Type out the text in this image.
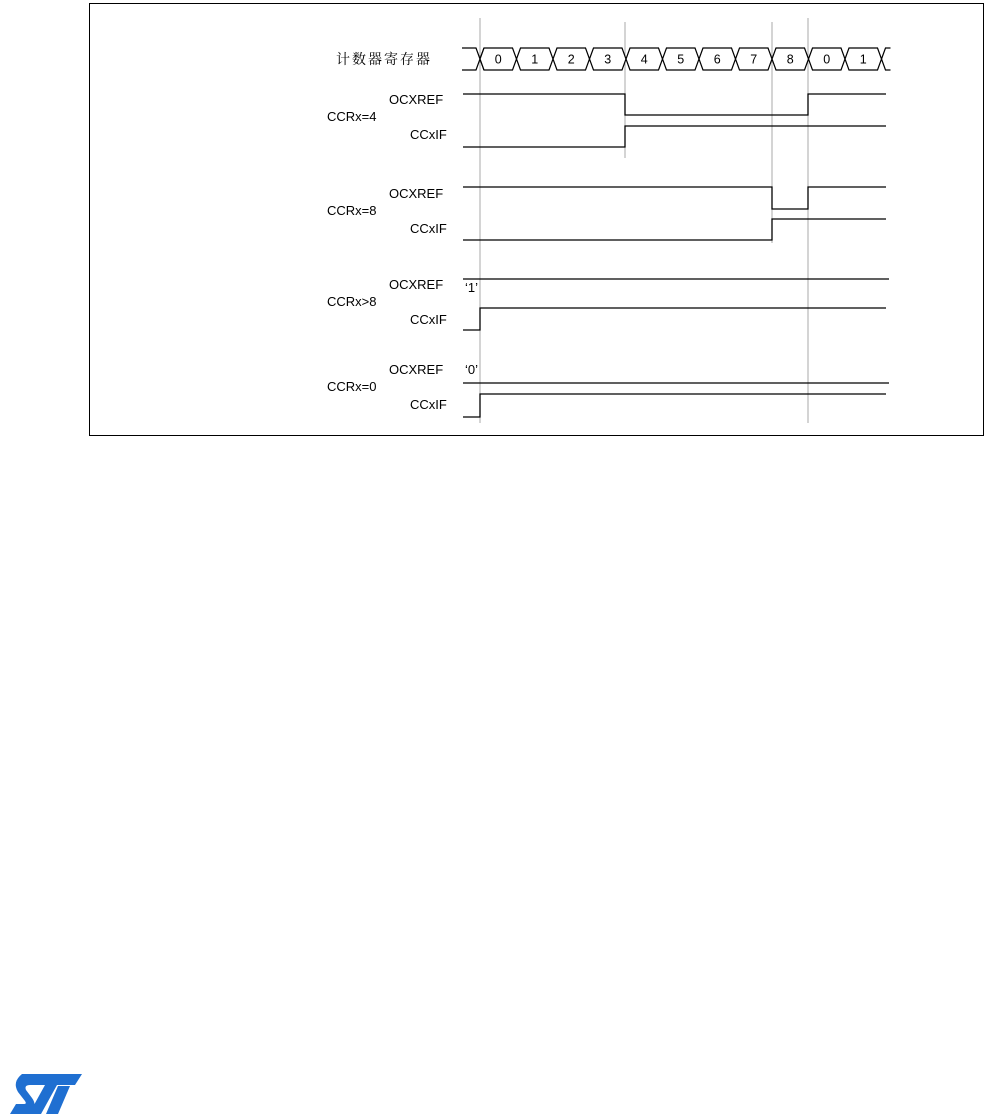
计数器寄存器	0 1 2 3 4 5 6 7 8 0 1
CCRx=4
OCXREF
CCxIF
CCRx=8
OCXREF
CCxIF
CCRx>8
OCXREF ‘1’
CCxIF
CCRx=0
OCXREF ‘0’
CCxIF
